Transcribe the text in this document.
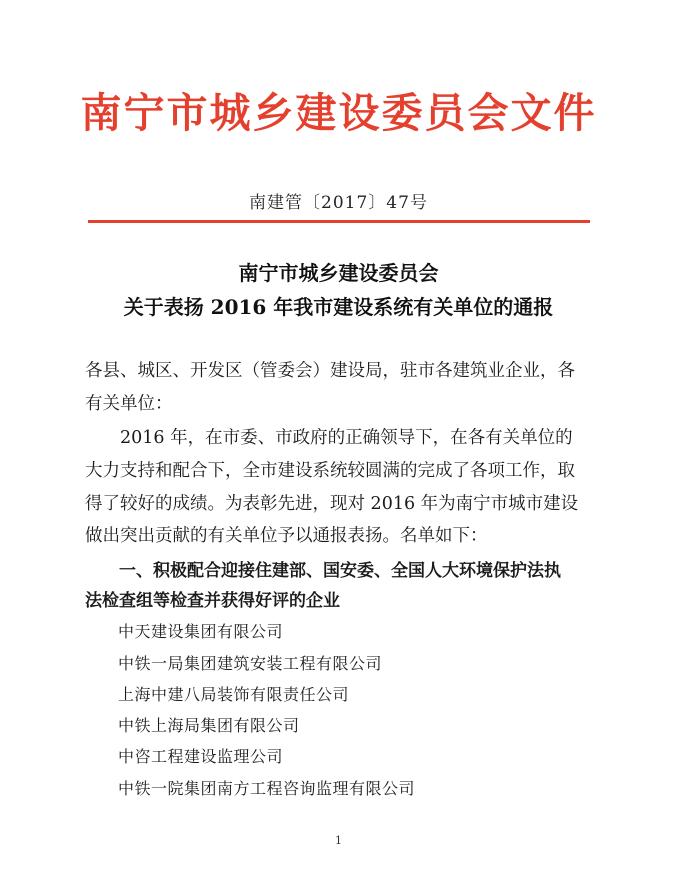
南宁市城乡建设委员会文件
南建管〔2017〕47号
南宁市城乡建设委员会
关于表扬 2016 年我市建设系统有关单位的通报
各县、城区、开发区（管委会）建设局，驻市各建筑业企业，各
有关单位：
　　2016 年，在市委、市政府的正确领导下，在各有关单位的
大力支持和配合下，全市建设系统较圆满的完成了各项工作，取
得了较好的成绩。为表彰先进，现对 2016 年为南宁市城市建设
做出突出贡献的有关单位予以通报表扬。名单如下：
　　一、积极配合迎接住建部、国安委、全国人大环境保护法执
法检查组等检查并获得好评的企业
中天建设集团有限公司
中铁一局集团建筑安装工程有限公司
上海中建八局装饰有限责任公司
中铁上海局集团有限公司
中咨工程建设监理公司
中铁一院集团南方工程咨询监理有限公司
1
